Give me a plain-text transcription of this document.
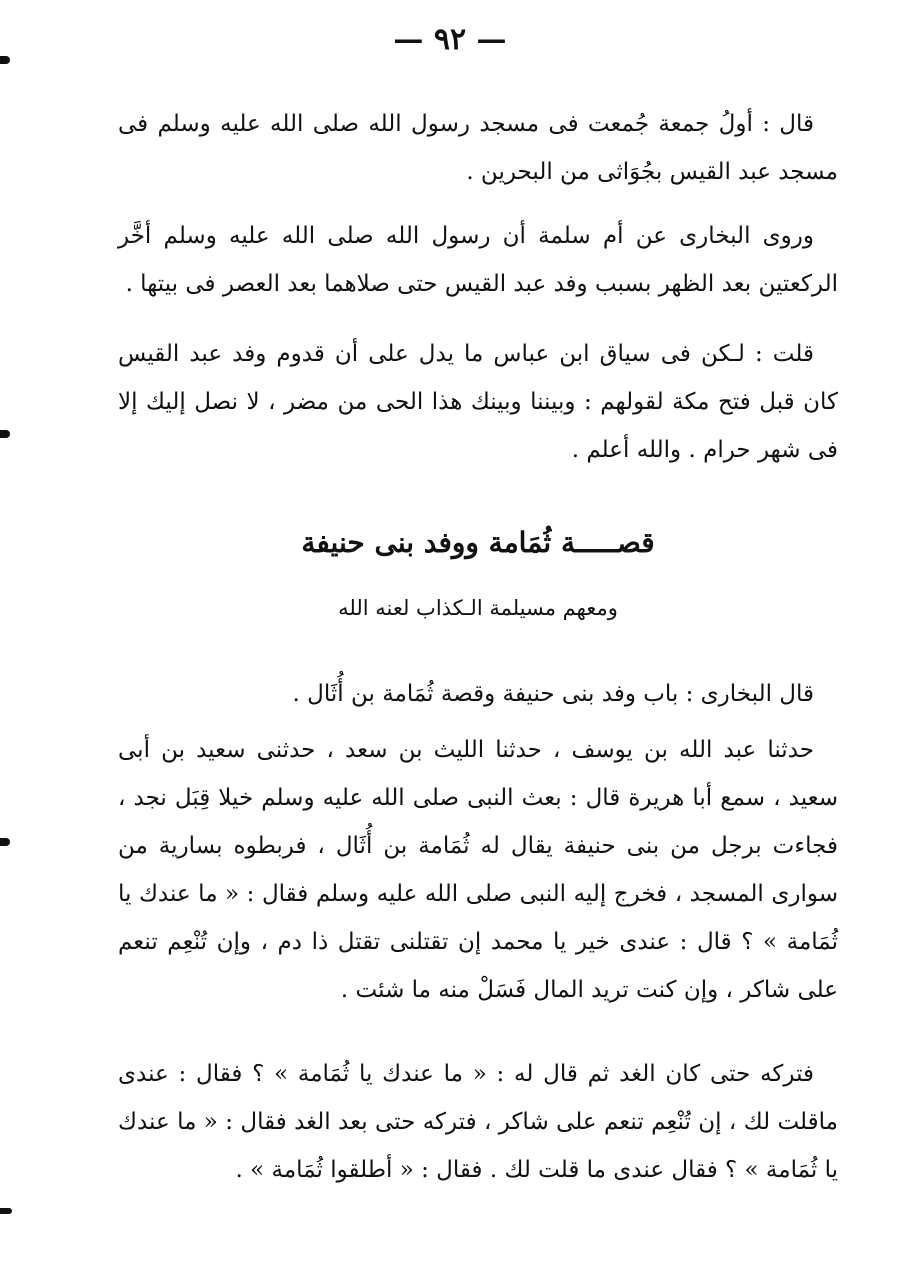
— ٩٢ —
قال : أولُ جمعة جُمعت فى مسجد رسول الله صلى الله عليه وسلم فى مسجد عبد القيس بجُوَاثى من البحرين .
وروى البخارى عن أم سلمة أن رسول الله صلى الله عليه وسلم أخَّر الركعتين بعد الظهر بسبب وفد عبد القيس حتى صلاهما بعد العصر فى بيتها .
قلت : لـكن فى سياق ابن عباس ما يدل على أن قدوم وفد عبد القيس كان قبل فتح مكة لقولهم : وبيننا وبينك هذا الحى من مضر ، لا نصل إليك إلا فى شهر حرام . والله أعلم .
قصـــــة ثُمَامة ووفد بنى حنيفة
ومعهم مسيلمة الـكذاب لعنه الله
قال البخارى : باب وفد بنى حنيفة وقصة ثُمَامة بن أُثَال .
حدثنا عبد الله بن يوسف ، حدثنا الليث بن سعد ، حدثنى سعيد بن أبى سعيد ، سمع أبا هريرة قال : بعث النبى صلى الله عليه وسلم خيلا قِبَل نجد ، فجاءت برجل من بنى حنيفة يقال له ثُمَامة بن أُثَال ، فربطوه بسارية من سوارى المسجد ، فخرج إليه النبى صلى الله عليه وسلم فقال : « ما عندك يا ثُمَامة » ؟ قال : عندى خير يا محمد إن تقتلنى تقتل ذا دم ، وإن تُنْعِم تنعم على شاكر ، وإن كنت تريد المال فَسَلْ منه ما شئت .
فتركه حتى كان الغد ثم قال له : « ما عندك يا ثُمَامة » ؟ فقال : عندى ماقلت لك ، إن تُنْعِم تنعم على شاكر ، فتركه حتى بعد الغد فقال : « ما عندك يا ثُمَامة » ؟ فقال عندى ما قلت لك . فقال : « أطلقوا ثُمَامة » .
